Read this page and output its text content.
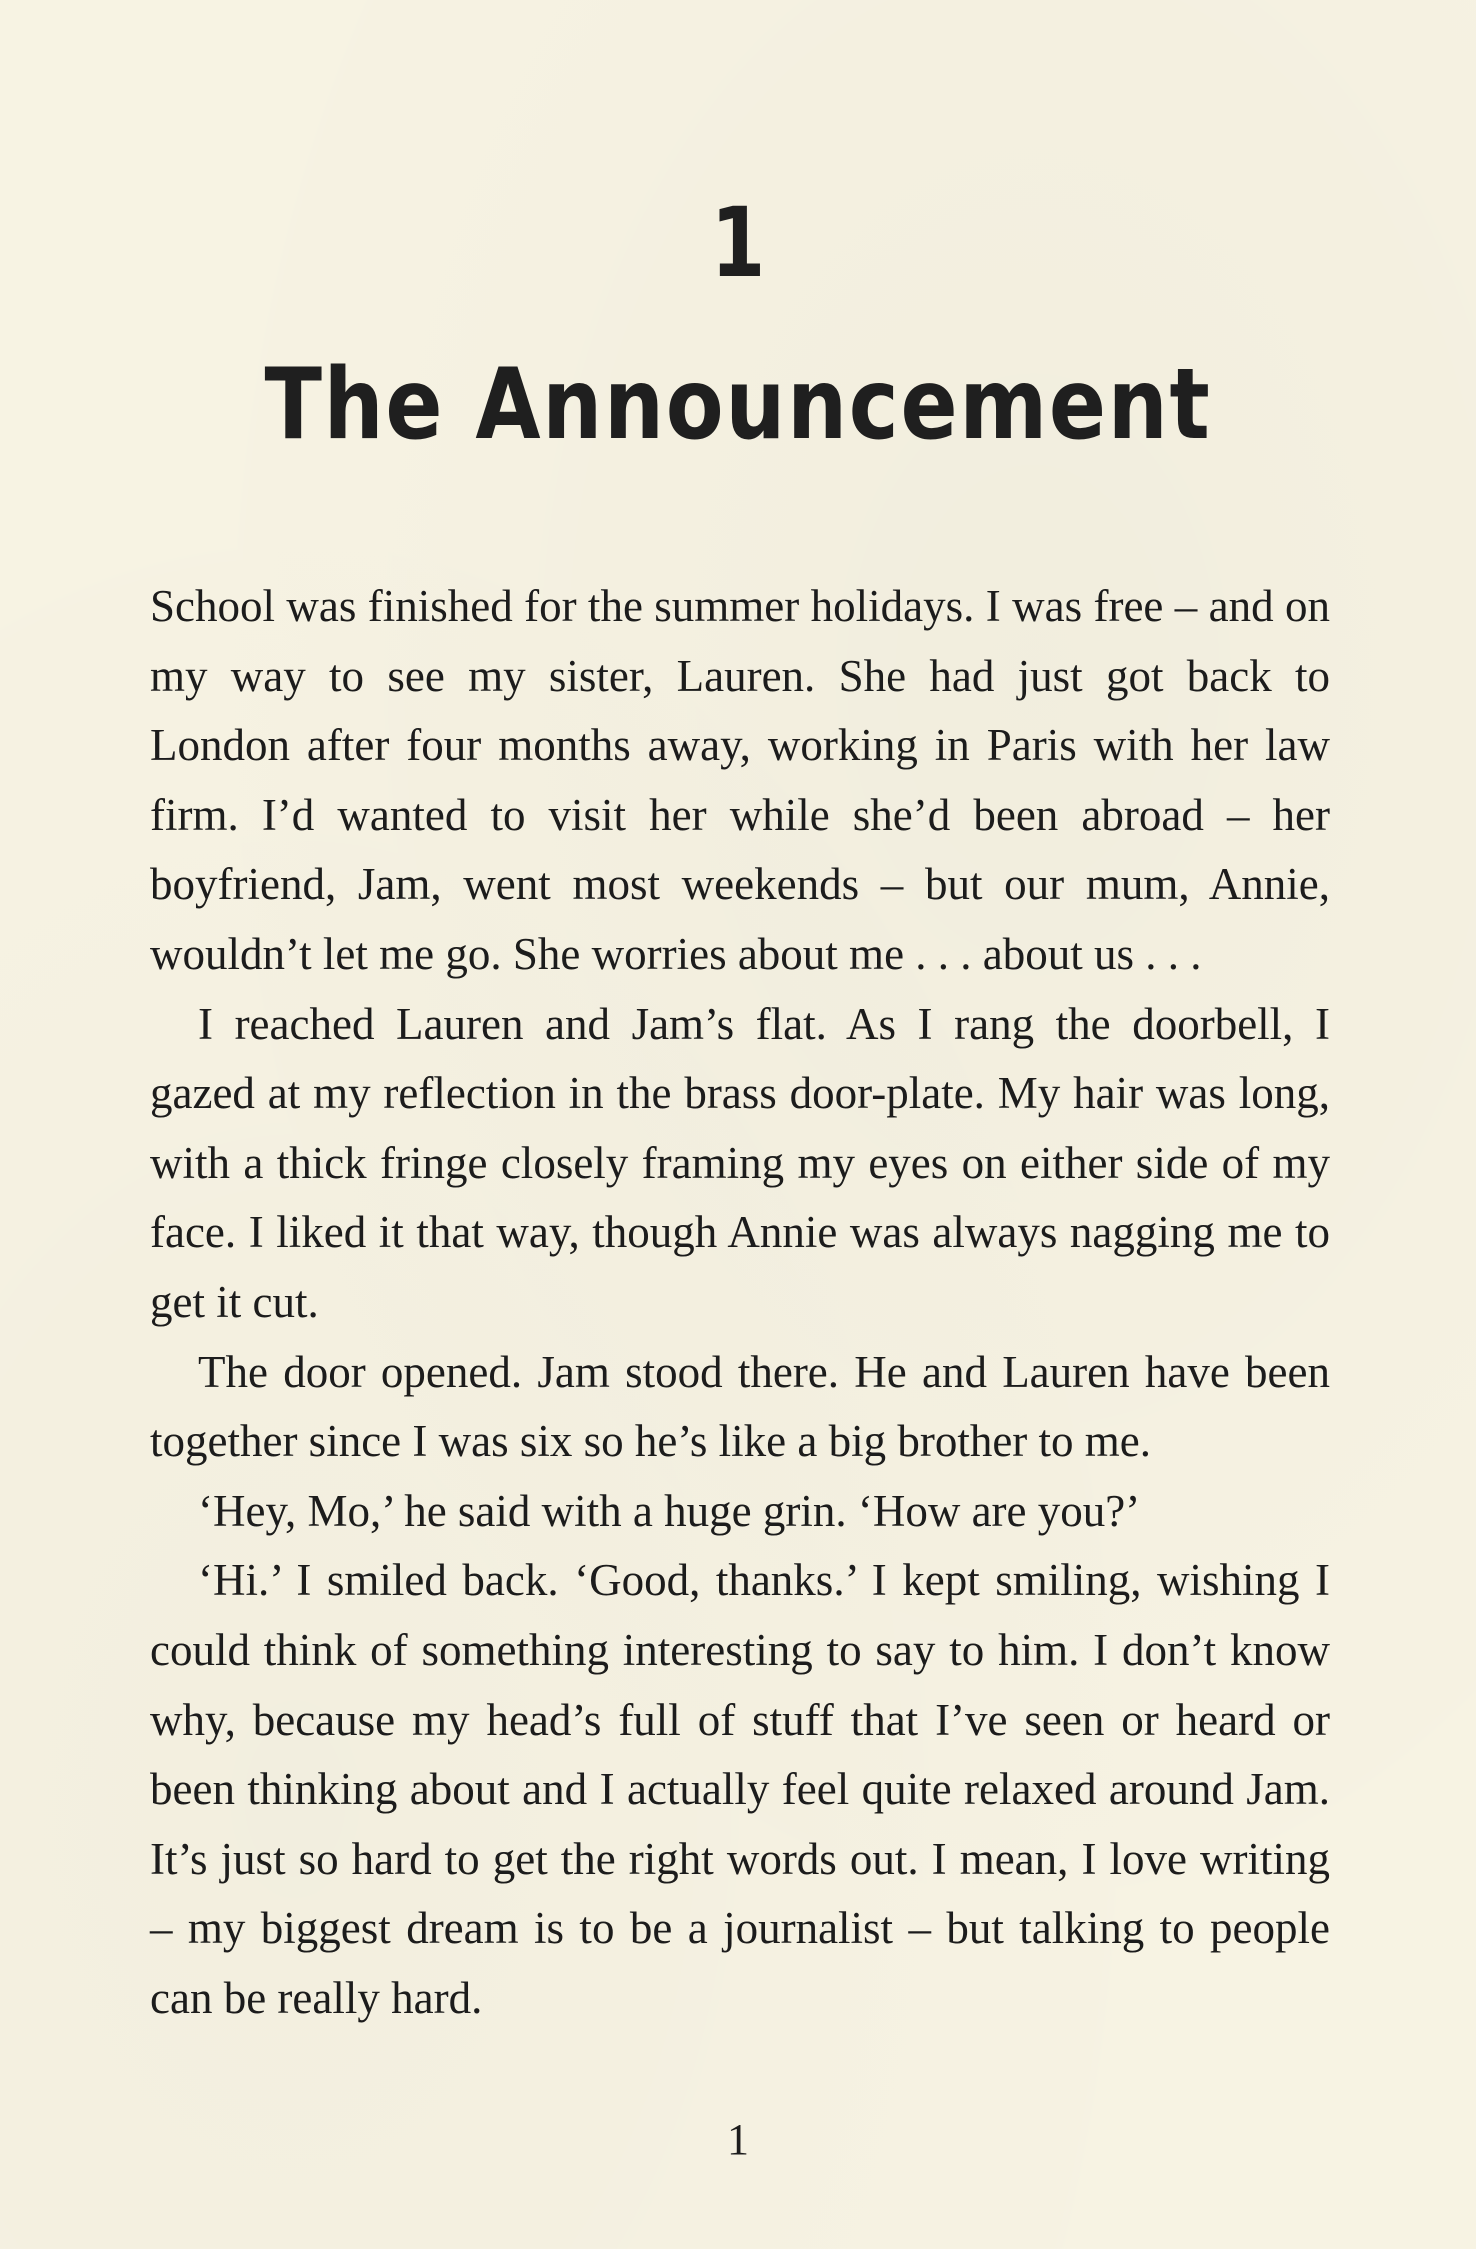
1
The Announcement

School was finished for the summer holidays. I was free – and on my way to see my sister, Lauren. She had just got back to London after four months away, working in Paris with her law firm. I’d wanted to visit her while she’d been abroad – her boyfriend, Jam, went most weekends – but our mum, Annie, wouldn’t let me go. She worries about me . . . about us . . .

I reached Lauren and Jam’s flat. As I rang the doorbell, I gazed at my reflection in the brass door-plate. My hair was long, with a thick fringe closely framing my eyes on either side of my face. I liked it that way, though Annie was always nagging me to get it cut.

The door opened. Jam stood there. He and Lauren have been together since I was six so he’s like a big brother to me.

‘Hey, Mo,’ he said with a huge grin. ‘How are you?’

‘Hi.’ I smiled back. ‘Good, thanks.’ I kept smiling, wishing I could think of something interesting to say to him. I don’t know why, because my head’s full of stuff that I’ve seen or heard or been thinking about and I actually feel quite relaxed around Jam. It’s just so hard to get the right words out. I mean, I love writing – my biggest dream is to be a journalist – but talking to people can be really hard.

1
